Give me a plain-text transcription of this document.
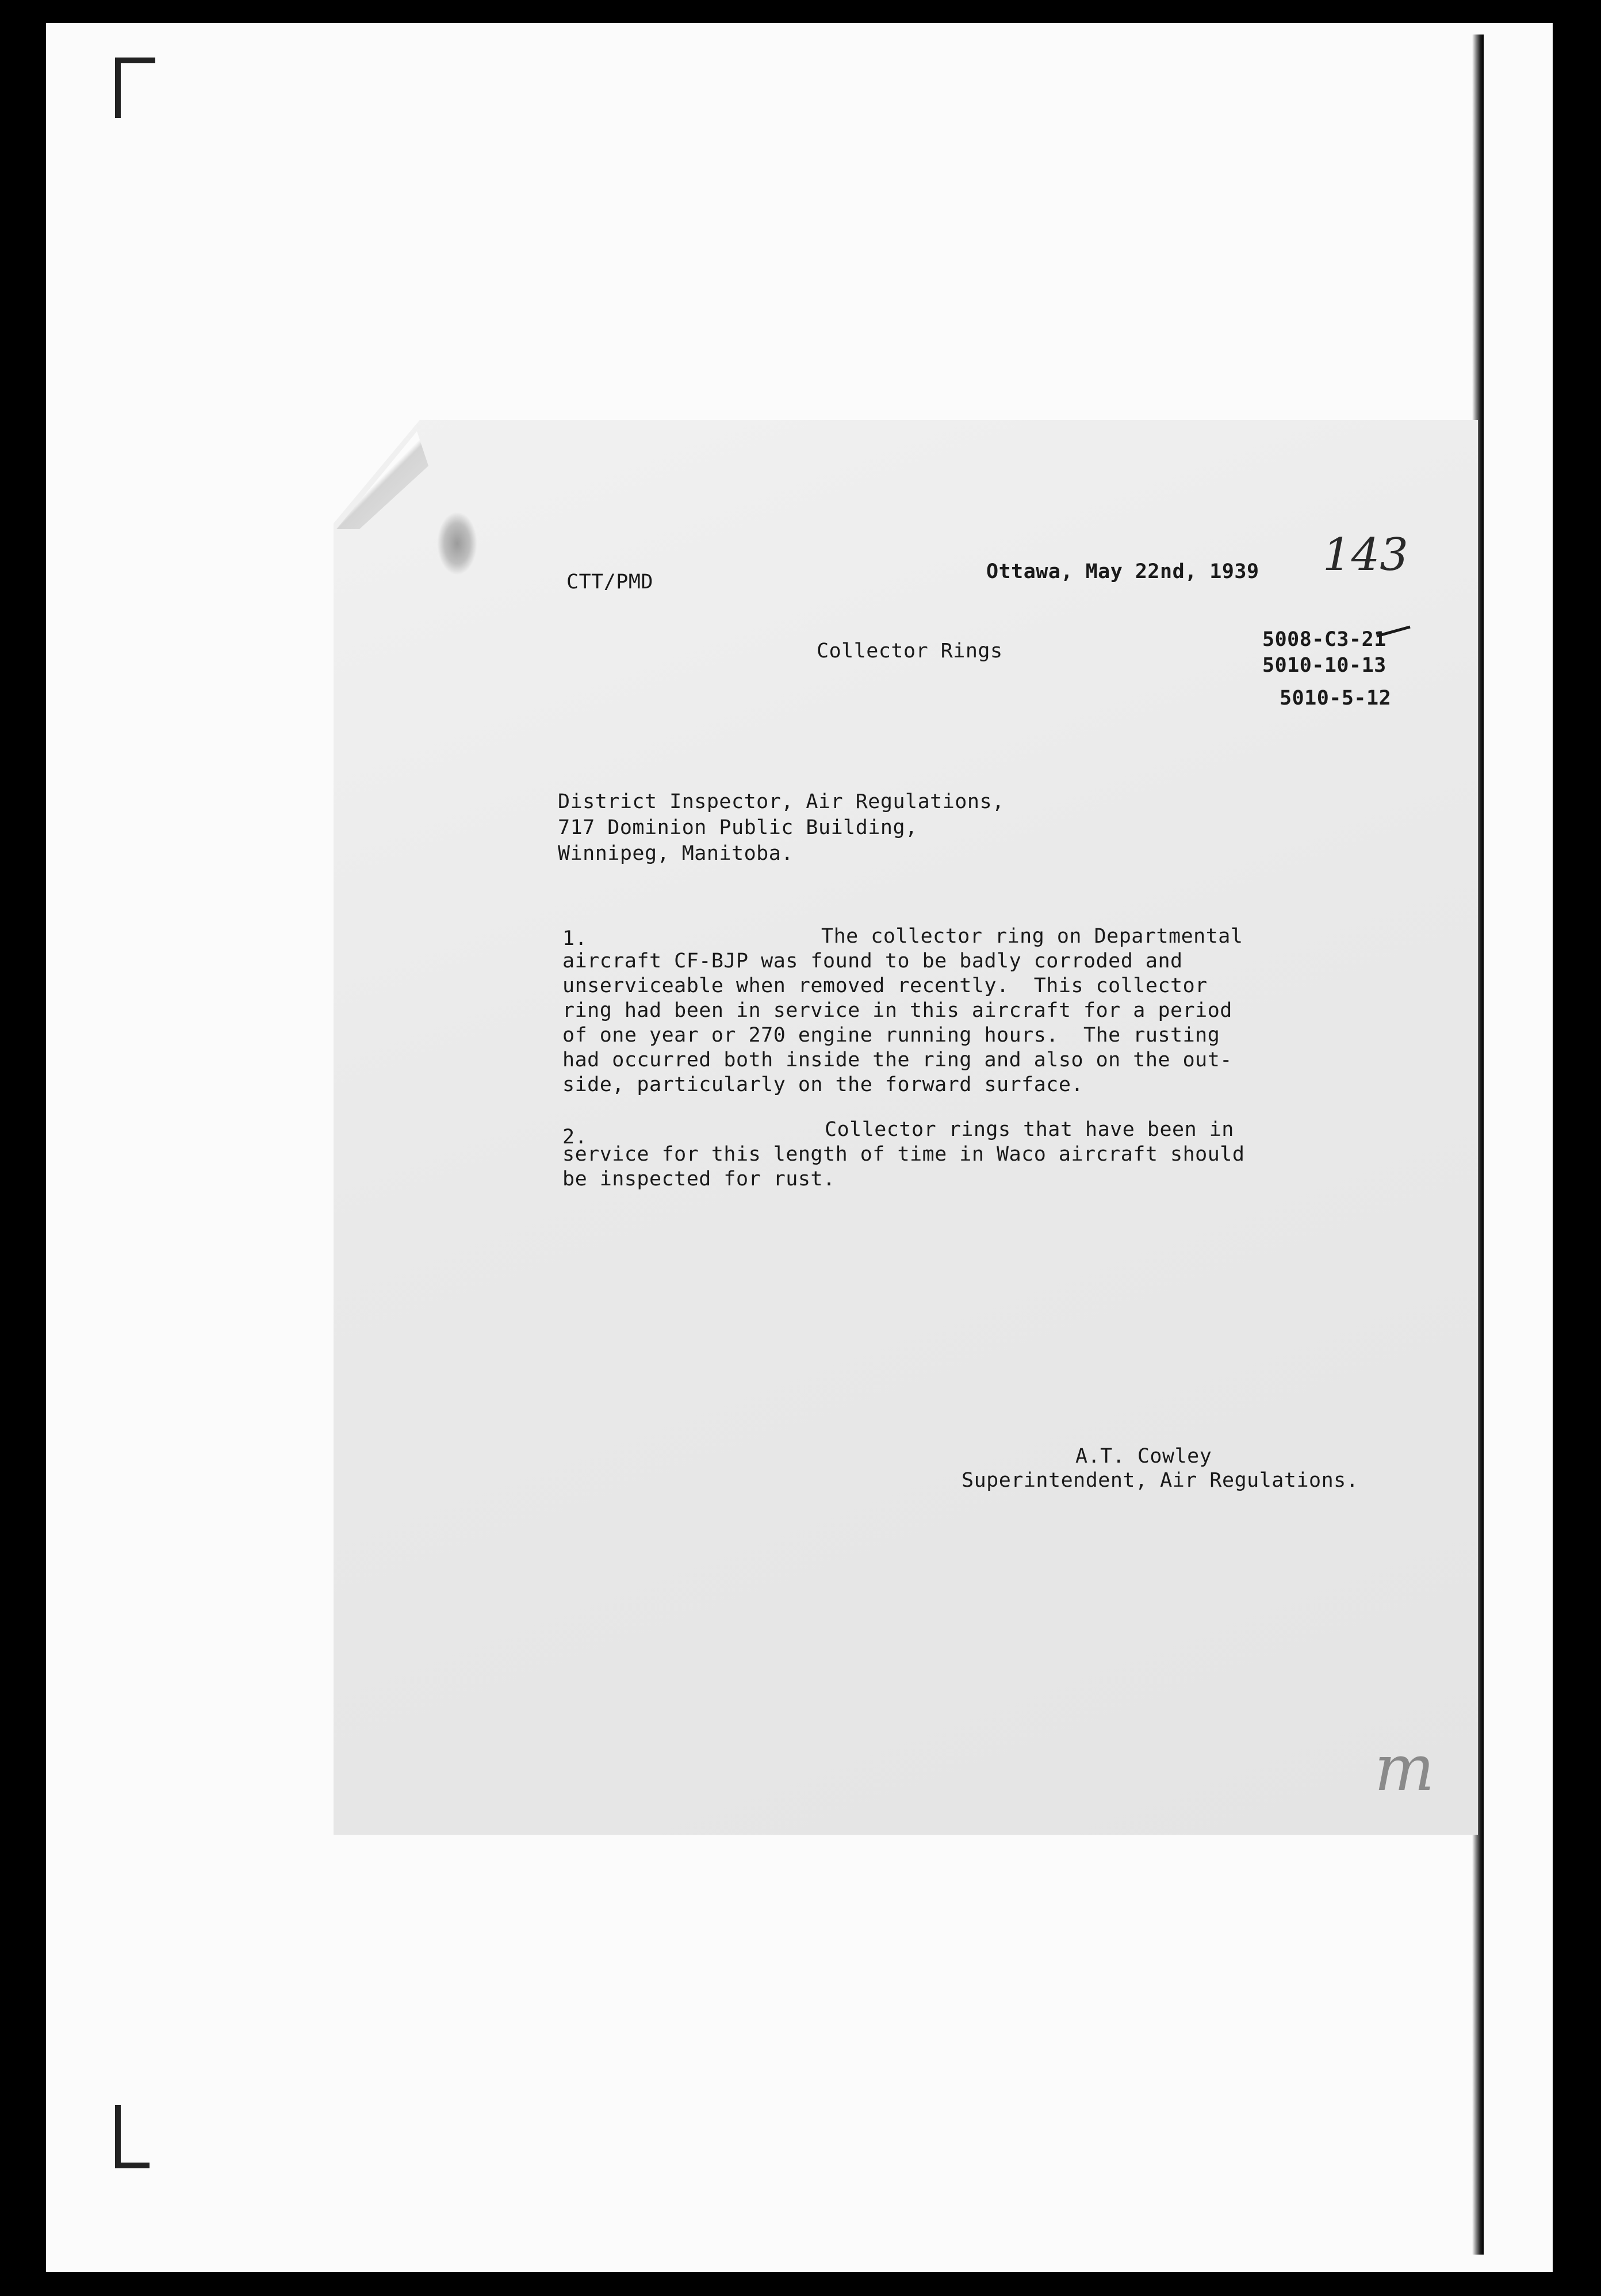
CTT/PMD	Ottawa, May 22nd, 1939 143
Collector Rings	5008-C3-21
5010-10-13
5010-5-12
District Inspector, Air Regulations,
717 Dominion Public Building,
Winnipeg, Manitoba.
1.	The collector ring on Departmental
aircraft CF-BJP was found to be badly corroded and
unserviceable when removed recently.  This collector
ring had been in service in this aircraft for a period
of one year or 270 engine running hours.  The rusting
had occurred both inside the ring and also on the out-
side, particularly on the forward surface.
2.	Collector rings that have been in
service for this length of time in Waco aircraft should
be inspected for rust.
A.T. Cowley
Superintendent, Air Regulations.
m
